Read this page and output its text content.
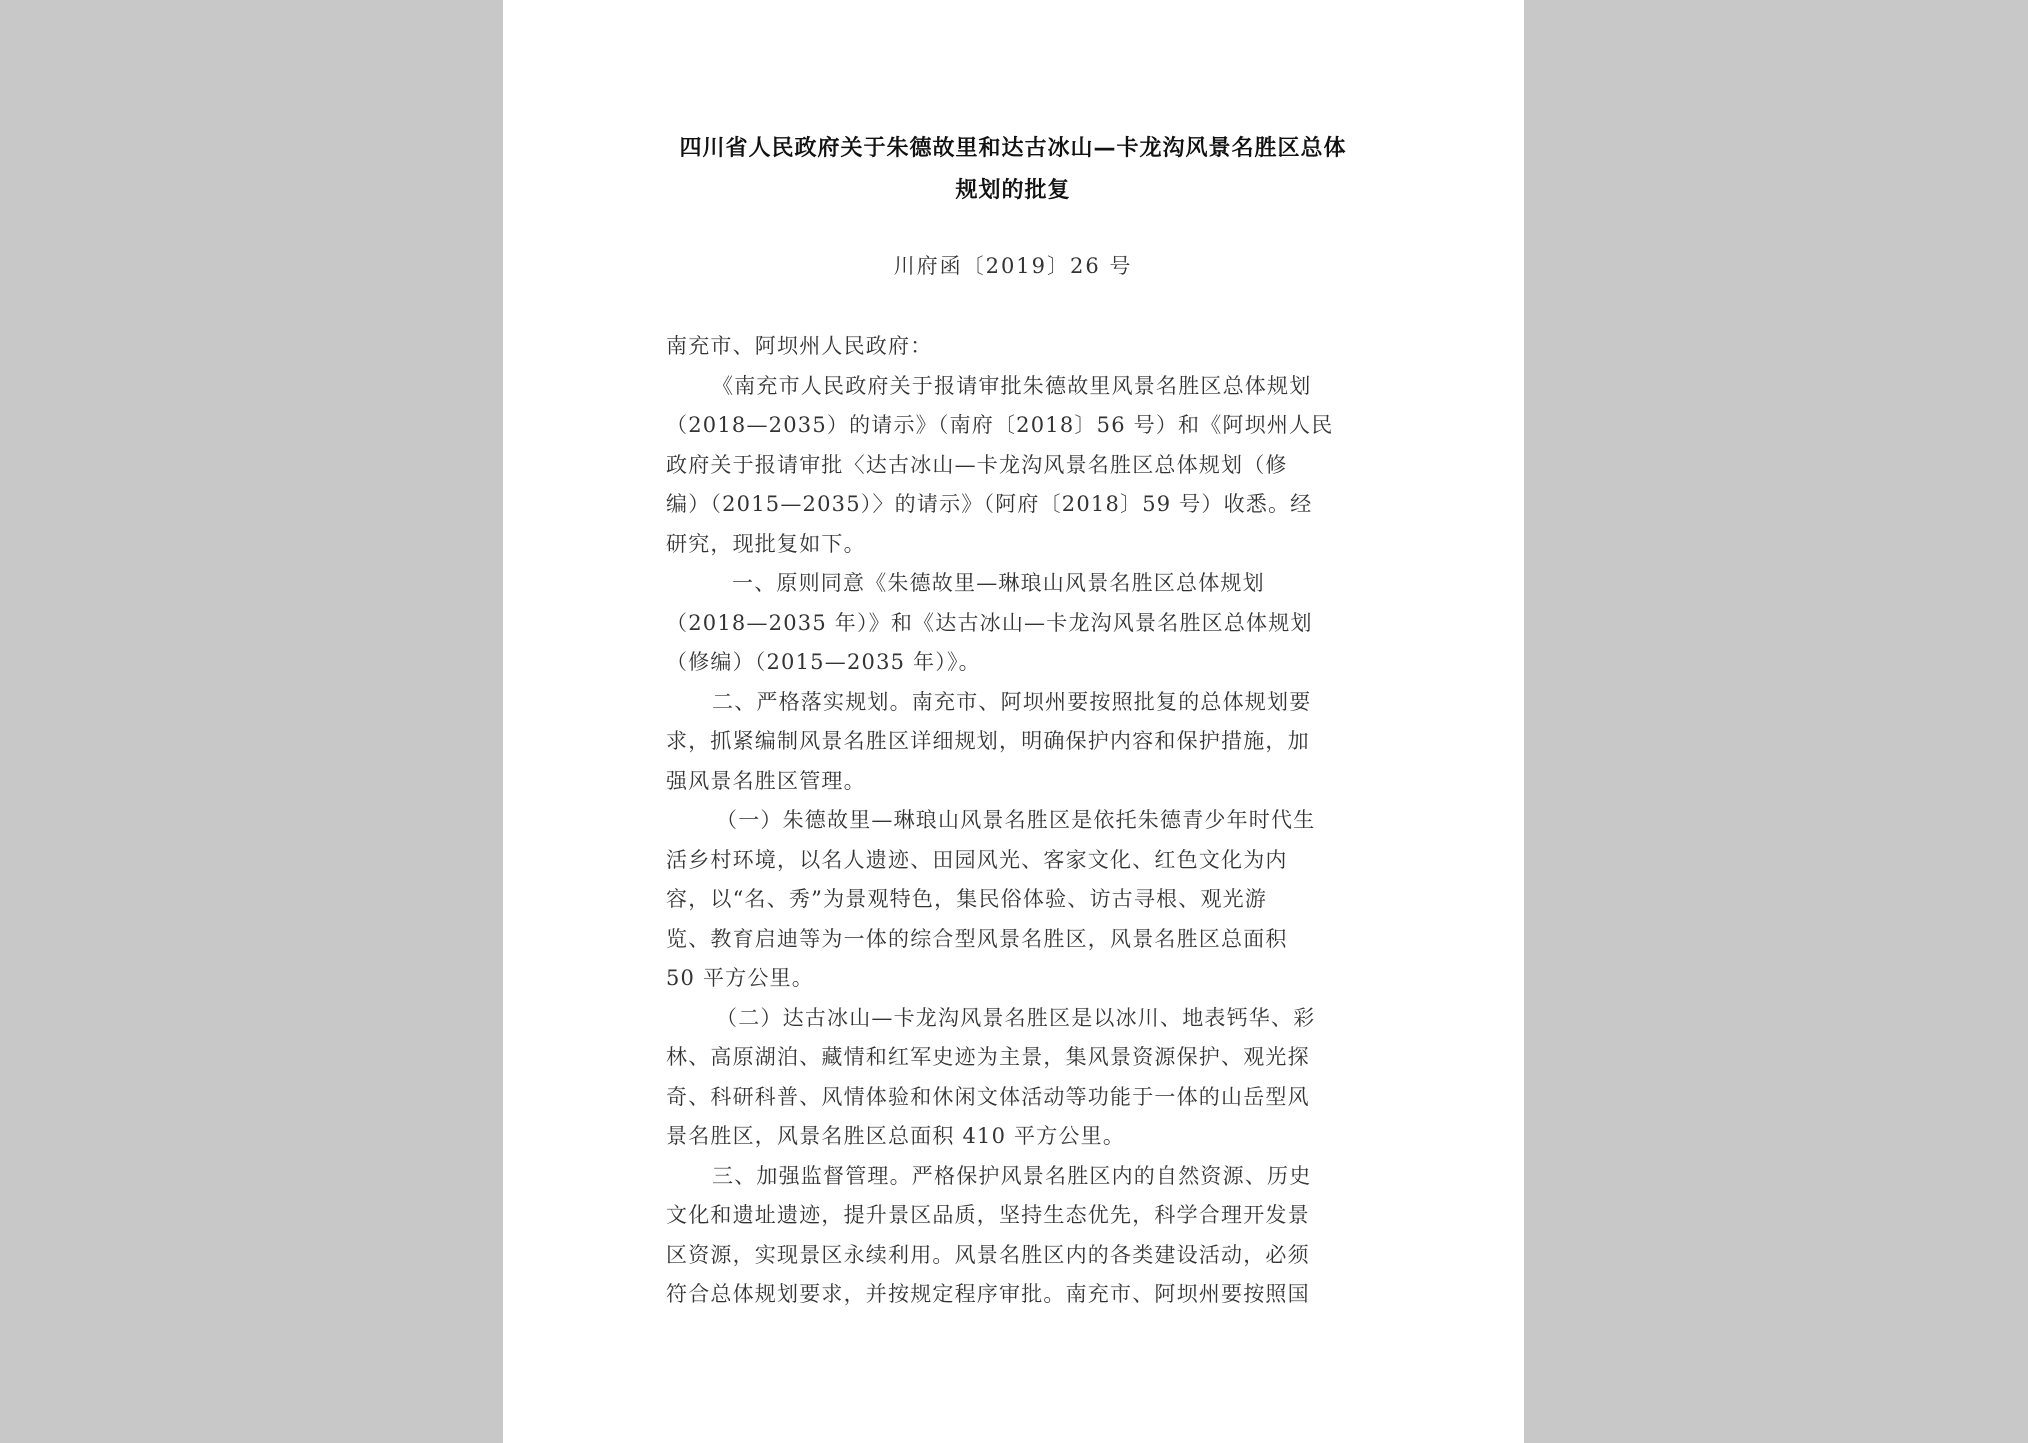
四川省人民政府关于朱德故里和达古冰山—卡龙沟风景名胜区总体
规划的批复
川府函〔2019〕26 号
南充市、阿坝州人民政府：
《南充市人民政府关于报请审批朱德故里风景名胜区总体规划
（2018—2035）的请示》（南府〔2018〕56 号）和《阿坝州人民
政府关于报请审批〈达古冰山—卡龙沟风景名胜区总体规划（修
编）（2015—2035）〉的请示》（阿府〔2018〕59 号）收悉。经
研究，现批复如下。
一、原则同意《朱德故里—琳琅山风景名胜区总体规划
（2018—2035 年）》和《达古冰山—卡龙沟风景名胜区总体规划
（修编）（2015—2035 年）》。
二、严格落实规划。南充市、阿坝州要按照批复的总体规划要
求，抓紧编制风景名胜区详细规划，明确保护内容和保护措施，加
强风景名胜区管理。
（一）朱德故里—琳琅山风景名胜区是依托朱德青少年时代生
活乡村环境，以名人遗迹、田园风光、客家文化、红色文化为内
容，以“名、秀”为景观特色，集民俗体验、访古寻根、观光游
览、教育启迪等为一体的综合型风景名胜区，风景名胜区总面积
50 平方公里。
（二）达古冰山—卡龙沟风景名胜区是以冰川、地表钙华、彩
林、高原湖泊、藏情和红军史迹为主景，集风景资源保护、观光探
奇、科研科普、风情体验和休闲文体活动等功能于一体的山岳型风
景名胜区，风景名胜区总面积 410 平方公里。
三、加强监督管理。严格保护风景名胜区内的自然资源、历史
文化和遗址遗迹，提升景区品质，坚持生态优先，科学合理开发景
区资源，实现景区永续利用。风景名胜区内的各类建设活动，必须
符合总体规划要求，并按规定程序审批。南充市、阿坝州要按照国
